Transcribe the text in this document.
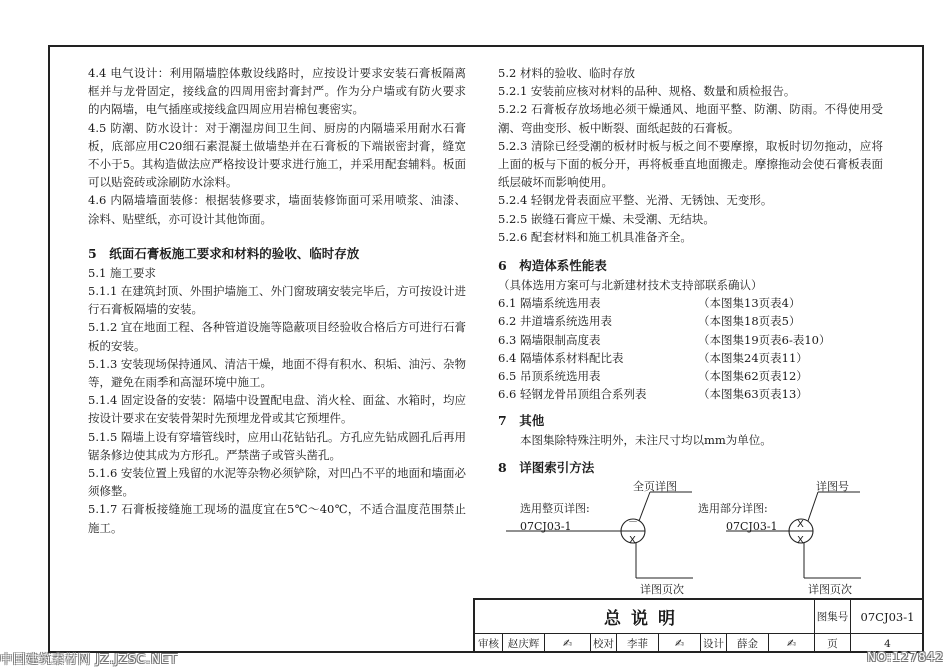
4.4 电气设计：利用隔墙腔体敷设线路时，应按设计要求安装石膏板隔离框并与龙骨固定，接线盒的四周用密封膏封严。作为分户墙或有防火要求的内隔墙，电气插座或接线盒四周应用岩棉包裹密实。

4.5 防潮、防水设计：对于潮湿房间卫生间、厨房的内隔墙采用耐水石膏板，底部应用C20细石素混凝土做墙垫并在石膏板的下端嵌密封膏，缝宽不小于5。其构造做法应严格按设计要求进行施工，并采用配套辅料。板面可以贴瓷砖或涂刷防水涂料。

4.6 内隔墙墙面装修：根据装修要求，墙面装修饰面可采用喷浆、油漆、涂料、贴壁纸，亦可设计其他饰面。

5　纸面石膏板施工要求和材料的验收、临时存放

5.1 施工要求

5.1.1 在建筑封顶、外围护墙施工、外门窗玻璃安装完毕后，方可按设计进行石膏板隔墙的安装。

5.1.2 宜在地面工程、各种管道设施等隐蔽项目经验收合格后方可进行石膏板的安装。

5.1.3 安装现场保持通风、清洁干燥，地面不得有积水、积垢、油污、杂物等，避免在雨季和高湿环境中施工。

5.1.4 固定设备的安装：隔墙中设置配电盘、消火栓、面盆、水箱时，均应按设计要求在安装骨架时先预埋龙骨或其它预埋件。

5.1.5 隔墙上设有穿墙管线时，应用山花钻钻孔。方孔应先钻成圆孔后再用锯条修边使其成为方形孔。严禁凿子或管头凿孔。

5.1.6 安装位置上残留的水泥等杂物必须铲除，对凹凸不平的地面和墙面必须修整。

5.1.7 石膏板接缝施工现场的温度宜在5℃～40℃，不适合温度范围禁止施工。

5.2 材料的验收、临时存放

5.2.1 安装前应核对材料的品种、规格、数量和质检报告。

5.2.2 石膏板存放场地必须干燥通风、地面平整、防潮、防雨。不得使用受潮、弯曲变形、板中断裂、面纸起鼓的石膏板。

5.2.3 清除已经受潮的板材时板与板之间不要摩擦，取板时切勿拖动，应将上面的板与下面的板分开，再将板垂直地面搬走。摩擦拖动会使石膏板表面纸层破坏而影响使用。

5.2.4 轻钢龙骨表面应平整、光滑、无锈蚀、无变形。

5.2.5 嵌缝石膏应干燥、未受潮、无结块。

5.2.6 配套材料和施工机具准备齐全。

6　构造体系性能表

（具体选用方案可与北新建材技术支持部联系确认）

6.1 隔墙系统选用表	（本图集13页表4）
6.2 井道墙系统选用表	（本图集18页表5）
6.3 隔墙限制高度表	（本图集19页表6-表10）
6.4 隔墙体系材料配比表	（本图集24页表11）
6.5 吊顶系统选用表	（本图集62页表12）
6.6 轻钢龙骨吊顶组合系列表	（本图集63页表13）

7　其他

本图集除特殊注明外，未注尺寸均以mm为单位。

8　详图索引方法

选用整页详图:
07CJ03-1
全页详图
－
X
详图页次
选用部分详图:
07CJ03-1
详图号
X
X
详图页次
总说明	图集号	07CJ03-1
审核 赵庆辉	✍	校对	李菲	✍	设计	薛金	✍	页	4
中国建筑素材网 JZ.JZSC.NET	NO:127842
